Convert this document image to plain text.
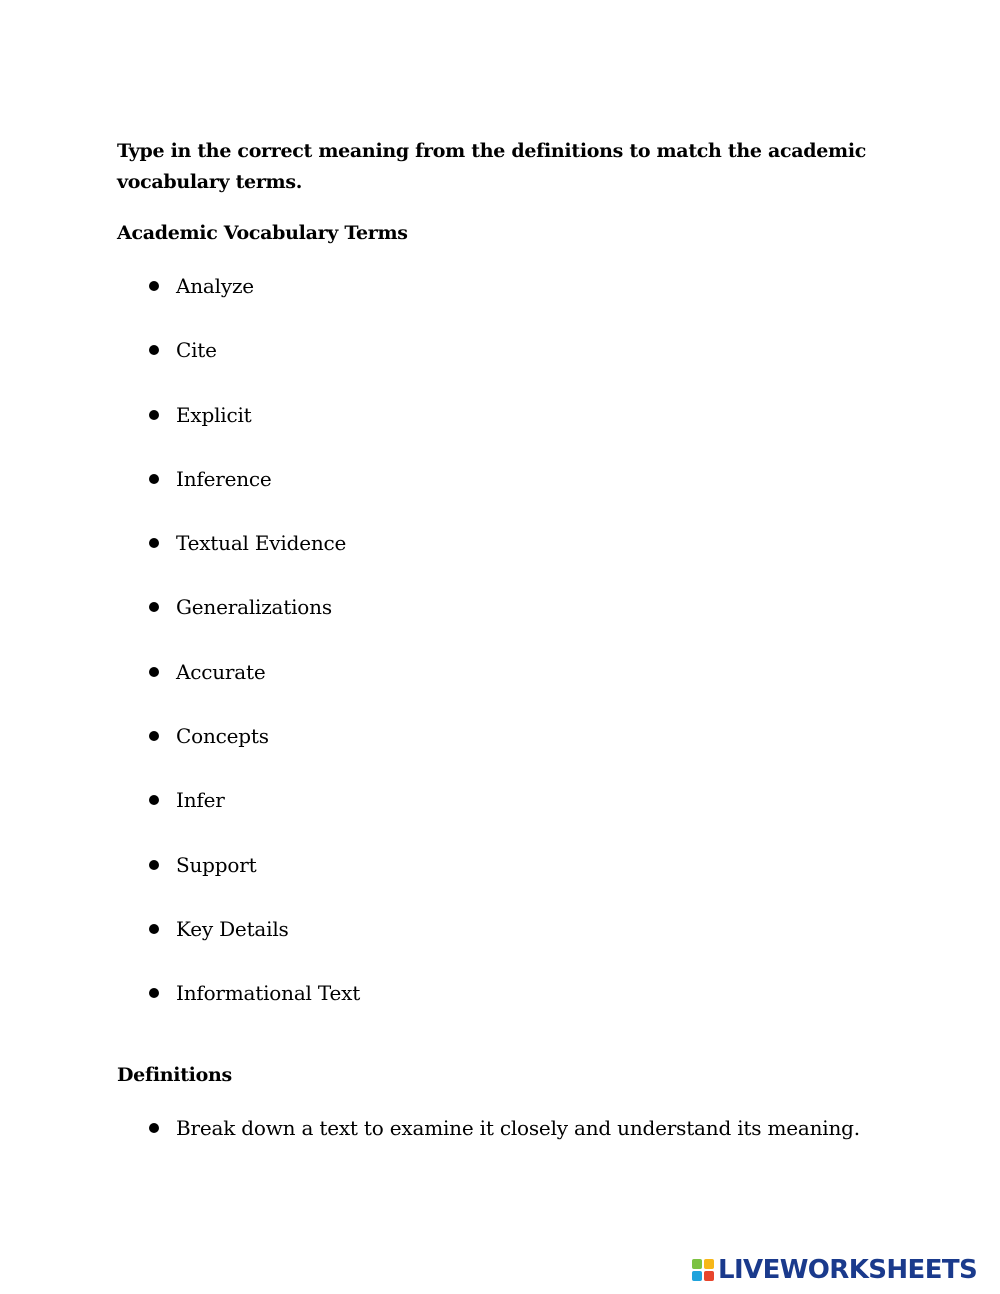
Type in the correct meaning from the definitions to match the academic vocabulary terms.
Academic Vocabulary Terms
Analyze
Cite
Explicit
Inference
Textual Evidence
Generalizations
Accurate
Concepts
Infer
Support
Key Details
Informational Text
Definitions
Break down a text to examine it closely and understand its meaning.
LIVEWORKSHEETS
